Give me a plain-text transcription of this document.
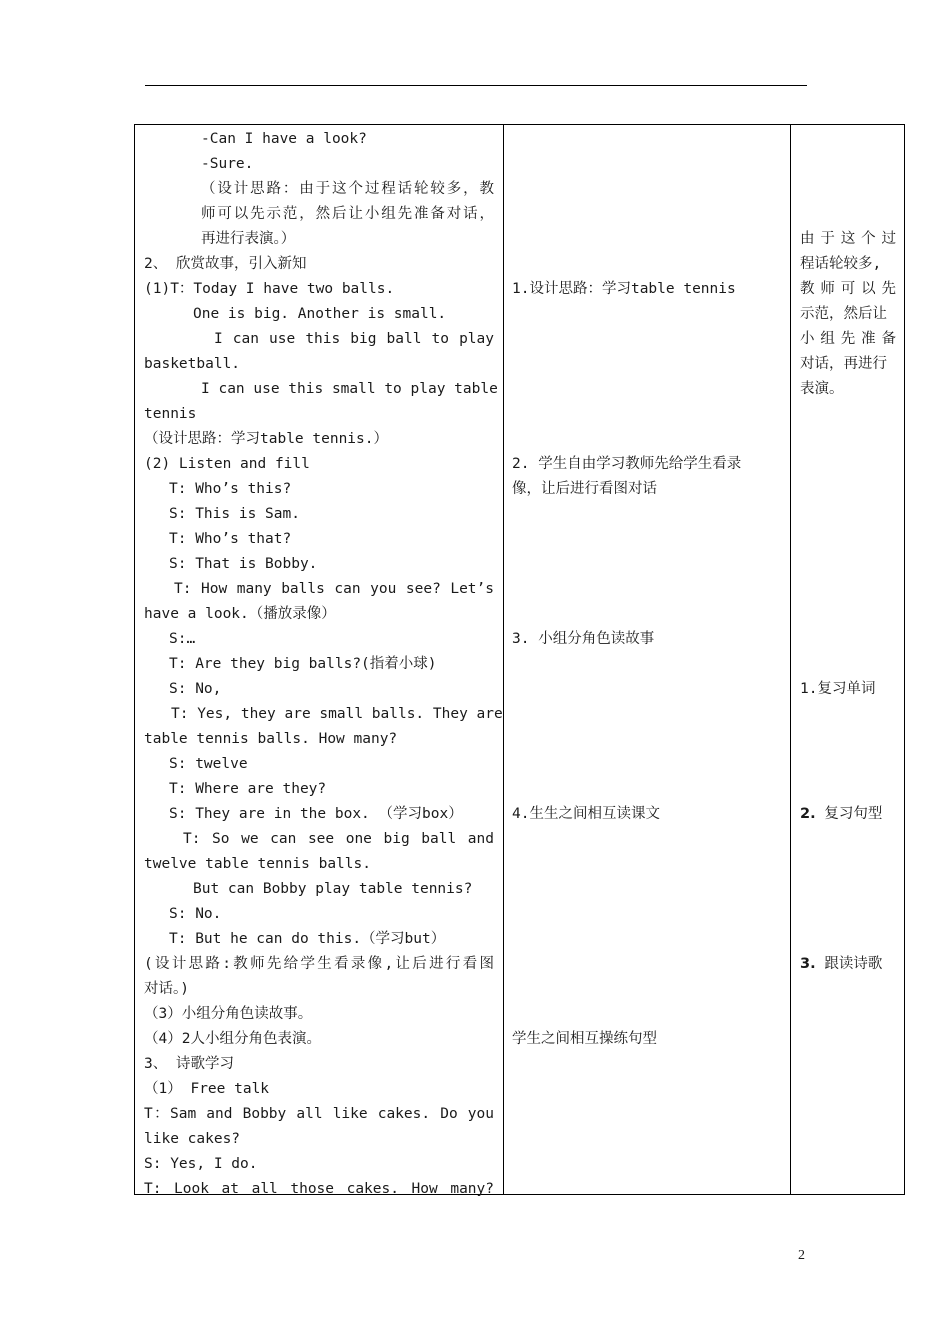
-Can I have a look?
-Sure.
（设计思路：由于这个过程话轮较多，教
师可以先示范，然后让小组先准备对话，
再进行表演。）
2、 欣赏故事，引入新知
(1)T：Today I have two balls.
One is big. Another is small.
I can use this big ball to play
basketball.
I can use this small to play table
tennis
（设计思路：学习table tennis.）
(2) Listen and fill
T: Who’s this?
S: This is Sam.
T: Who’s that?
S: That is Bobby.
T: How many balls can you see? Let’s
have a look.（播放录像）
S:…
T: Are they big balls?(指着小球)
S: No,
T: Yes, they are small balls. They are
table tennis balls. How many?
S: twelve
T: Where are they?
S: They are in the box. （学习box）
T: So we can see one big ball and
twelve table tennis balls.
But can Bobby play table tennis?
S: No.
T: But he can do this.（学习but）
(设计思路:教师先给学生看录像,让后进行看图
对话。)
（3）小组分角色读故事。
（4）2人小组分角色表演。
3、 诗歌学习
（1） Free talk
T：Sam and Bobby all like cakes. Do you
like cakes?
S: Yes, I do.
T: Look at all those cakes. How many?
1.设计思路：学习table tennis
2. 学生自由学习教师先给学生看录
像，让后进行看图对话
3. 小组分角色读故事
4.生生之间相互读课文
学生之间相互操练句型
由于这个过
程话轮较多,
教师可以先
示范，然后让
小组先准备
对话，再进行
表演。
1.复习单词
2. 复习句型
3. 跟读诗歌
2
